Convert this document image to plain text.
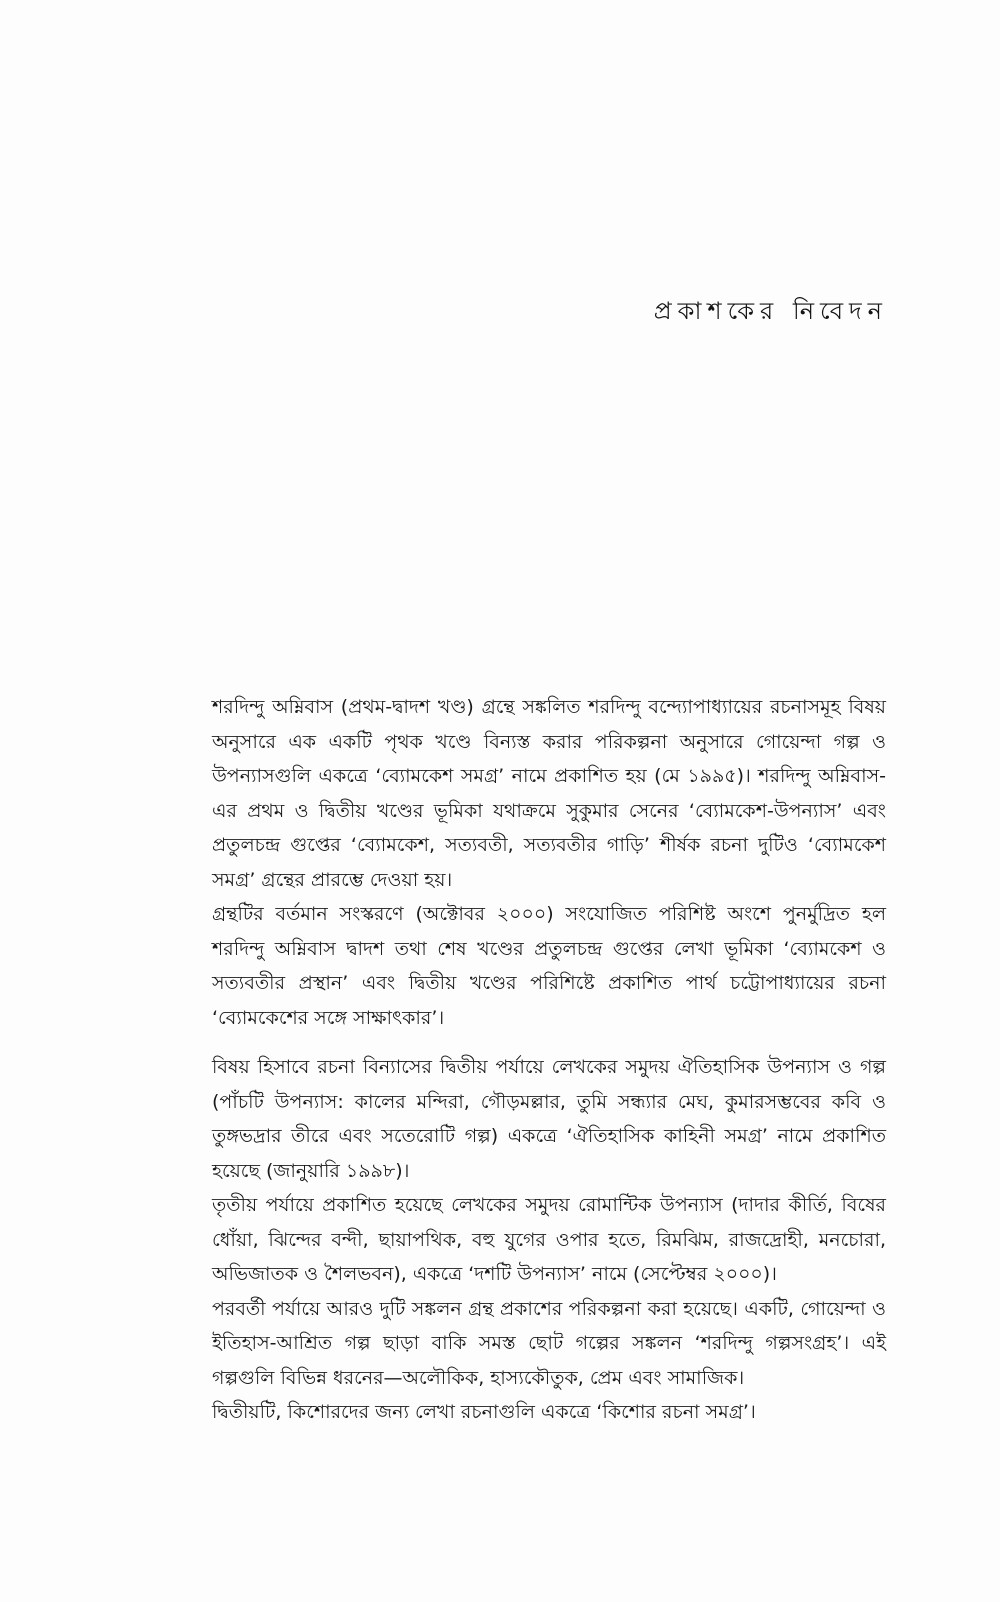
প্রকাশকের নিবেদন

শরদিন্দু অম্নিবাস (প্রথম-দ্বাদশ খণ্ড) গ্রন্থে সঙ্কলিত শরদিন্দু বন্দ্যোপাধ্যায়ের রচনাসমূহ বিষয় অনুসারে এক একটি পৃথক খণ্ডে বিন্যস্ত করার পরিকল্পনা অনুসারে গোয়েন্দা গল্প ও উপন্যাসগুলি একত্রে ‘ব্যোমকেশ সমগ্র’ নামে প্রকাশিত হয় (মে ১৯৯৫)। শরদিন্দু অম্নিবাস-এর প্রথম ও দ্বিতীয় খণ্ডের ভূমিকা যথাক্রমে সুকুমার সেনের ‘ব্যোমকেশ-উপন্যাস’ এবং প্রতুলচন্দ্র গুপ্তের ‘ব্যোমকেশ, সত্যবতী, সত্যবতীর গাড়ি’ শীর্ষক রচনা দুটিও ‘ব্যোমকেশ সমগ্র’ গ্রন্থের প্রারম্ভে দেওয়া হয়।

গ্রন্থটির বর্তমান সংস্করণে (অক্টোবর ২০০০) সংযোজিত পরিশিষ্ট অংশে পুনর্মুদ্রিত হল শরদিন্দু অম্নিবাস দ্বাদশ তথা শেষ খণ্ডের প্রতুলচন্দ্র গুপ্তের লেখা ভূমিকা ‘ব্যোমকেশ ও সত্যবতীর প্রস্থান’ এবং দ্বিতীয় খণ্ডের পরিশিষ্টে প্রকাশিত পার্থ চট্টোপাধ্যায়ের রচনা ‘ব্যোমকেশের সঙ্গে সাক্ষাৎকার’।

বিষয় হিসাবে রচনা বিন্যাসের দ্বিতীয় পর্যায়ে লেখকের সমুদয় ঐতিহাসিক উপন্যাস ও গল্প (পাঁচটি উপন্যাস: কালের মন্দিরা, গৌড়মল্লার, তুমি সন্ধ্যার মেঘ, কুমারসম্ভবের কবি ও তুঙ্গভদ্রার তীরে এবং সতেরোটি গল্প) একত্রে ‘ঐতিহাসিক কাহিনী সমগ্র’ নামে প্রকাশিত হয়েছে (জানুয়ারি ১৯৯৮)।

তৃতীয় পর্যায়ে প্রকাশিত হয়েছে লেখকের সমুদয় রোমান্টিক উপন্যাস (দাদার কীর্তি, বিষের ধোঁয়া, ঝিন্দের বন্দী, ছায়াপথিক, বহু যুগের ওপার হতে, রিমঝিম, রাজদ্রোহী, মনচোরা, অভিজাতক ও শৈলভবন), একত্রে ‘দশটি উপন্যাস’ নামে (সেপ্টেম্বর ২০০০)।

পরবর্তী পর্যায়ে আরও দুটি সঙ্কলন গ্রন্থ প্রকাশের পরিকল্পনা করা হয়েছে। একটি, গোয়েন্দা ও ইতিহাস-আশ্রিত গল্প ছাড়া বাকি সমস্ত ছোট গল্পের সঙ্কলন ‘শরদিন্দু গল্পসংগ্রহ’। এই গল্পগুলি বিভিন্ন ধরনের—অলৌকিক, হাস্যকৌতুক, প্রেম এবং সামাজিক।

দ্বিতীয়টি, কিশোরদের জন্য লেখা রচনাগুলি একত্রে ‘কিশোর রচনা সমগ্র’।
